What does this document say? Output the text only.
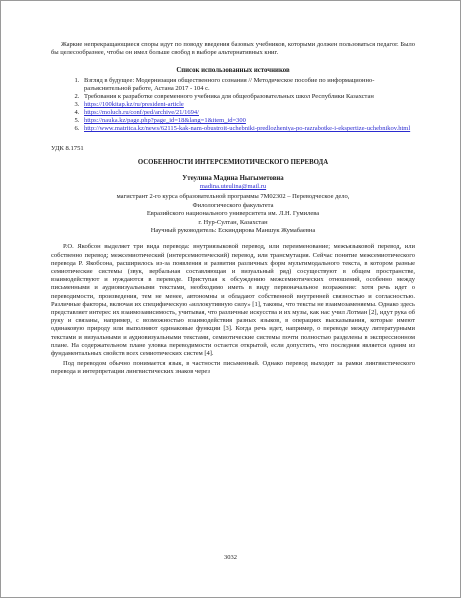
Жаркие непрекращающиеся споры идут по поводу введения базовых учебников, которыми должен пользоваться педагог. Было бы целесообразнее, чтобы он имел больше свобод в выборе альтернативных книг.

Список использованных источников
1. Взгляд в будущее: Модернизация общественного сознания // Методическое пособие по информационно-разъяснительной работе, Астана 2017 - 104 с.
2. Требования к разработке современного учебника для общеобразовательных школ Республики Казахстан
3. https://100kitap.kz/ru/president-article
4. https://moluch.ru/conf/ped/archive/21/1694/
5. https://nauka.kz/page.php?page_id=18&lang=1&item_id=300
6. http://www.matritca.kz/news/62115-kak-nam-obustroit-uchebniki-predlozheniya-po-razrabotke-i-ekspertize-uchebnikov.html
УДК 8.1751
ОСОБЕННОСТИ ИНТЕРСЕМИОТИЧЕСКОГО ПЕРЕВОДА
Утеулина Мадина Ныгыметовна
madina.uteulina@mail.ru
магистрант 2-го курса образовательной программы 7М02302 – Переводческое дело,
Филологического факультета
Евразийского национального университета им. Л.Н. Гумилева
г. Нур-Султан, Казахстан
Научный руководитель: Ескиндирова Маншук Жумабаевна

Р.О. Якобсон выделяет три вида перевода: внутриязыковой перевод, или переименование; межъязыковой перевод, или собственно перевод; межсемиотический (интерсемиотический) перевод, или трансмутация. Сейчас понятие межсемиотического перевода Р. Якобсона, расширилось из-за появления и развития различных форм мультимодального текста, в котором разные семиотические системы (звук, вербальная составляющая и визуальный ряд) сосуществуют в общем пространстве, взаимодействуют и нуждаются в переводе. Приступая к обсуждению межсемиотических отношений, особенно между письменными и аудиовизуальными текстами, необходимо иметь в виду первоначальное возражение: хотя речь идет о переводимости, произведения, тем не менее, автономны и обладают собственной внутренней связностью и согласностью. Различные факторы, включая их специфическую «иллокутивную силу» [1], таковы, что тексты не взаимозаменяемы. Однако здесь представляет интерес их взаимозависимость, учитывая, что различные искусства и их музы, как нас учил Лотман [2], идут рука об руку и связаны, например, с возможностью взаимодействия разных языков, в операциях высказывания, которые имеют одинаковую природу или выполняют одинаковые функции [3]. Когда речь идет, например, о переводе между литературными текстами и визуальными и аудиовизуальными текстами, семиотические системы почти полностью разделены в экспрессионном плане. На содержательном плане уловка переводимости остается открытой, если допустить, что последняя является одним из фундаментальных свойств всех семиотических систем [4].

Под переводом обычно понимается язык, в частности письменный. Однако перевод выходит за рамки лингвистического перевода и интерпретации лингвистических знаков через

3032
